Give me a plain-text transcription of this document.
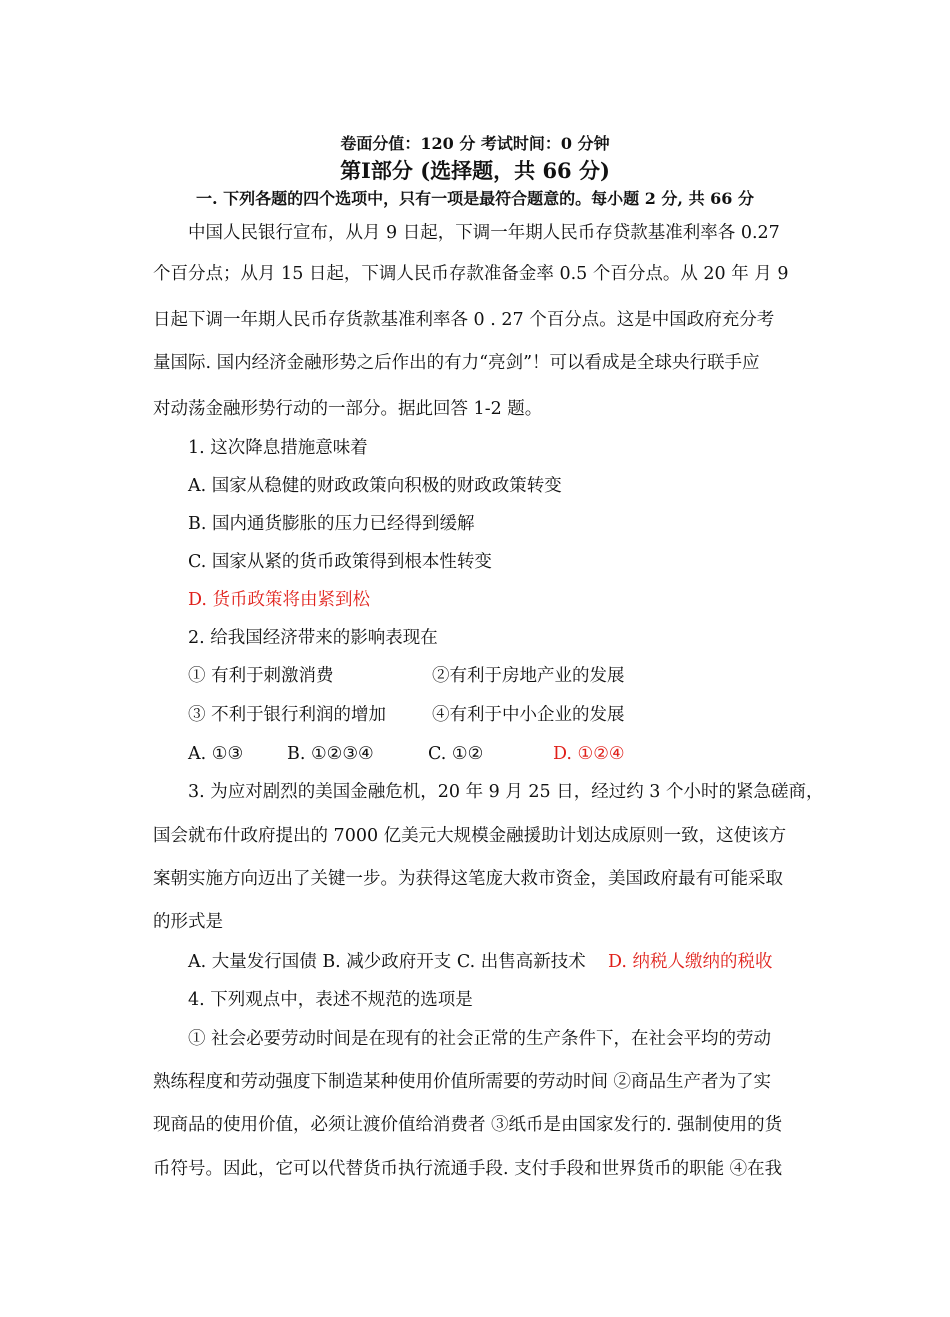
卷面分值：120 分 考试时间：0 分钟
第Ⅰ部分 (选择题，共 66 分)
一. 下列各题的四个选项中，只有一项是最符合题意的。每小题 2 分, 共 66 分
中国人民银行宣布，从月 9 日起，下调一年期人民币存贷款基准利率各 0.27
个百分点；从月 15 日起，下调人民币存款准备金率 0.5 个百分点。从 20 年 月 9
日起下调一年期人民币存货款基准利率各 0 . 27 个百分点。这是中国政府充分考
量国际. 国内经济金融形势之后作出的有力“亮剑”！可以看成是全球央行联手应
对动荡金融形势行动的一部分。据此回答 1-2 题。
1. 这次降息措施意味着
A. 国家从稳健的财政政策向积极的财政政策转变
B. 国内通货膨胀的压力已经得到缓解
C. 国家从紧的货币政策得到根本性转变
D. 货币政策将由紧到松
2. 给我国经济带来的影响表现在
① 有利于刺激消费	②有利于房地产业的发展
③ 不利于银行利润的增加	④有利于中小企业的发展
A. ①③	B. ①②③④	C. ①②	D. ①②④
3. 为应对剧烈的美国金融危机，20 年 9 月 25 日，经过约 3 个小时的紧急磋商，
国会就布什政府提出的 7000 亿美元大规模金融援助计划达成原则一致，这使该方
案朝实施方向迈出了关键一步。为获得这笔庞大救市资金，美国政府最有可能采取
的形式是
A. 大量发行国债 B. 减少政府开支 C. 出售高新技术 D. 纳税人缴纳的税收
4. 下列观点中，表述不规范的选项是
① 社会必要劳动时间是在现有的社会正常的生产条件下，在社会平均的劳动
熟练程度和劳动强度下制造某种使用价值所需要的劳动时间 ②商品生产者为了实
现商品的使用价值，必须让渡价值给消费者 ③纸币是由国家发行的. 强制使用的货
币符号。因此，它可以代替货币执行流通手段. 支付手段和世界货币的职能 ④在我
